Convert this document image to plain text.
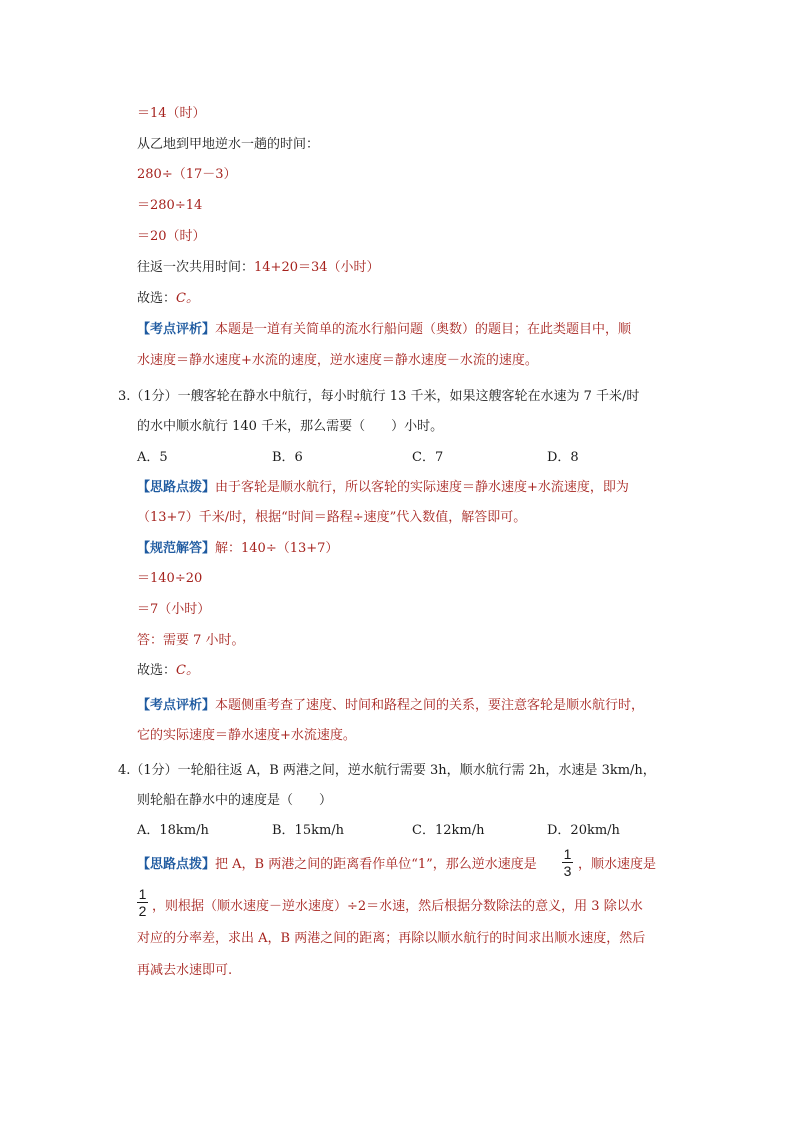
＝14（时）
从乙地到甲地逆水一趟的时间：
280÷（17－3）
＝280÷14
＝20（时）
往返一次共用时间：14+20＝34（小时）
故选：C。
【考点评析】本题是一道有关简单的流水行船问题（奥数）的题目；在此类题目中，顺
水速度＝静水速度+水流的速度，逆水速度＝静水速度－水流的速度。
3.（1分）一艘客轮在静水中航行，每小时航行 13 千米，如果这艘客轮在水速为 7 千米/时
的水中顺水航行 140 千米，那么需要（　　）小时。
A．5	B．6	C．7	D．8
【思路点拨】由于客轮是顺水航行，所以客轮的实际速度＝静水速度+水流速度，即为
（13+7）千米/时，根据“时间＝路程÷速度”代入数值，解答即可。
【规范解答】解：140÷（13+7）
＝140÷20
＝7（小时）
答：需要 7 小时。
故选：C。
【考点评析】本题侧重考查了速度、时间和路程之间的关系，要注意客轮是顺水航行时，
它的实际速度＝静水速度+水流速度。
4.（1分）一轮船往返 A，B 两港之间，逆水航行需要 3h，顺水航行需 2h，水速是 3km/h，
则轮船在静水中的速度是（　　）
A．18km/h	B．15km/h	C．12km/h	D．20km/h
【思路点拨】把 A，B 两港之间的距离看作单位“1”，那么逆水速度是
1
3 ，顺水速度是
1
2 ，则根据（顺水速度－逆水速度）÷2＝水速，然后根据分数除法的意义，用 3 除以水
对应的分率差，求出 A，B 两港之间的距离；再除以顺水航行的时间求出顺水速度，然后
再减去水速即可.
